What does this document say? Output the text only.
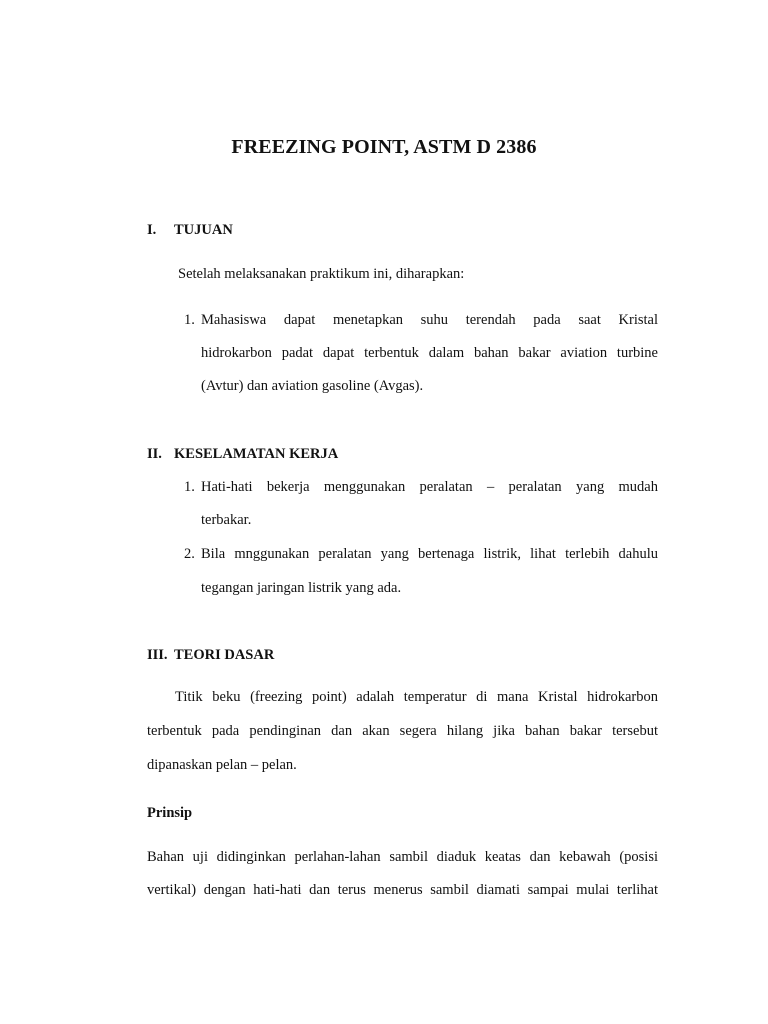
FREEZING POINT, ASTM D 2386
I. TUJUAN
Setelah melaksanakan praktikum ini, diharapkan:
1. Mahasiswa dapat menetapkan suhu terendah pada saat Kristal
hidrokarbon padat dapat terbentuk dalam bahan bakar aviation turbine
(Avtur) dan aviation gasoline (Avgas).
II. KESELAMATAN KERJA
1. Hati-hati bekerja menggunakan peralatan – peralatan yang mudah
terbakar.
2. Bila mnggunakan peralatan yang bertenaga listrik, lihat terlebih dahulu
tegangan jaringan listrik yang ada.
III. TEORI DASAR
Titik beku (freezing point) adalah temperatur di mana Kristal hidrokarbon
terbentuk pada pendinginan dan akan segera hilang jika bahan bakar tersebut
dipanaskan pelan – pelan.
Prinsip
Bahan uji didinginkan perlahan-lahan sambil diaduk keatas dan kebawah (posisi
vertikal) dengan hati-hati dan terus menerus sambil diamati sampai mulai terlihat
